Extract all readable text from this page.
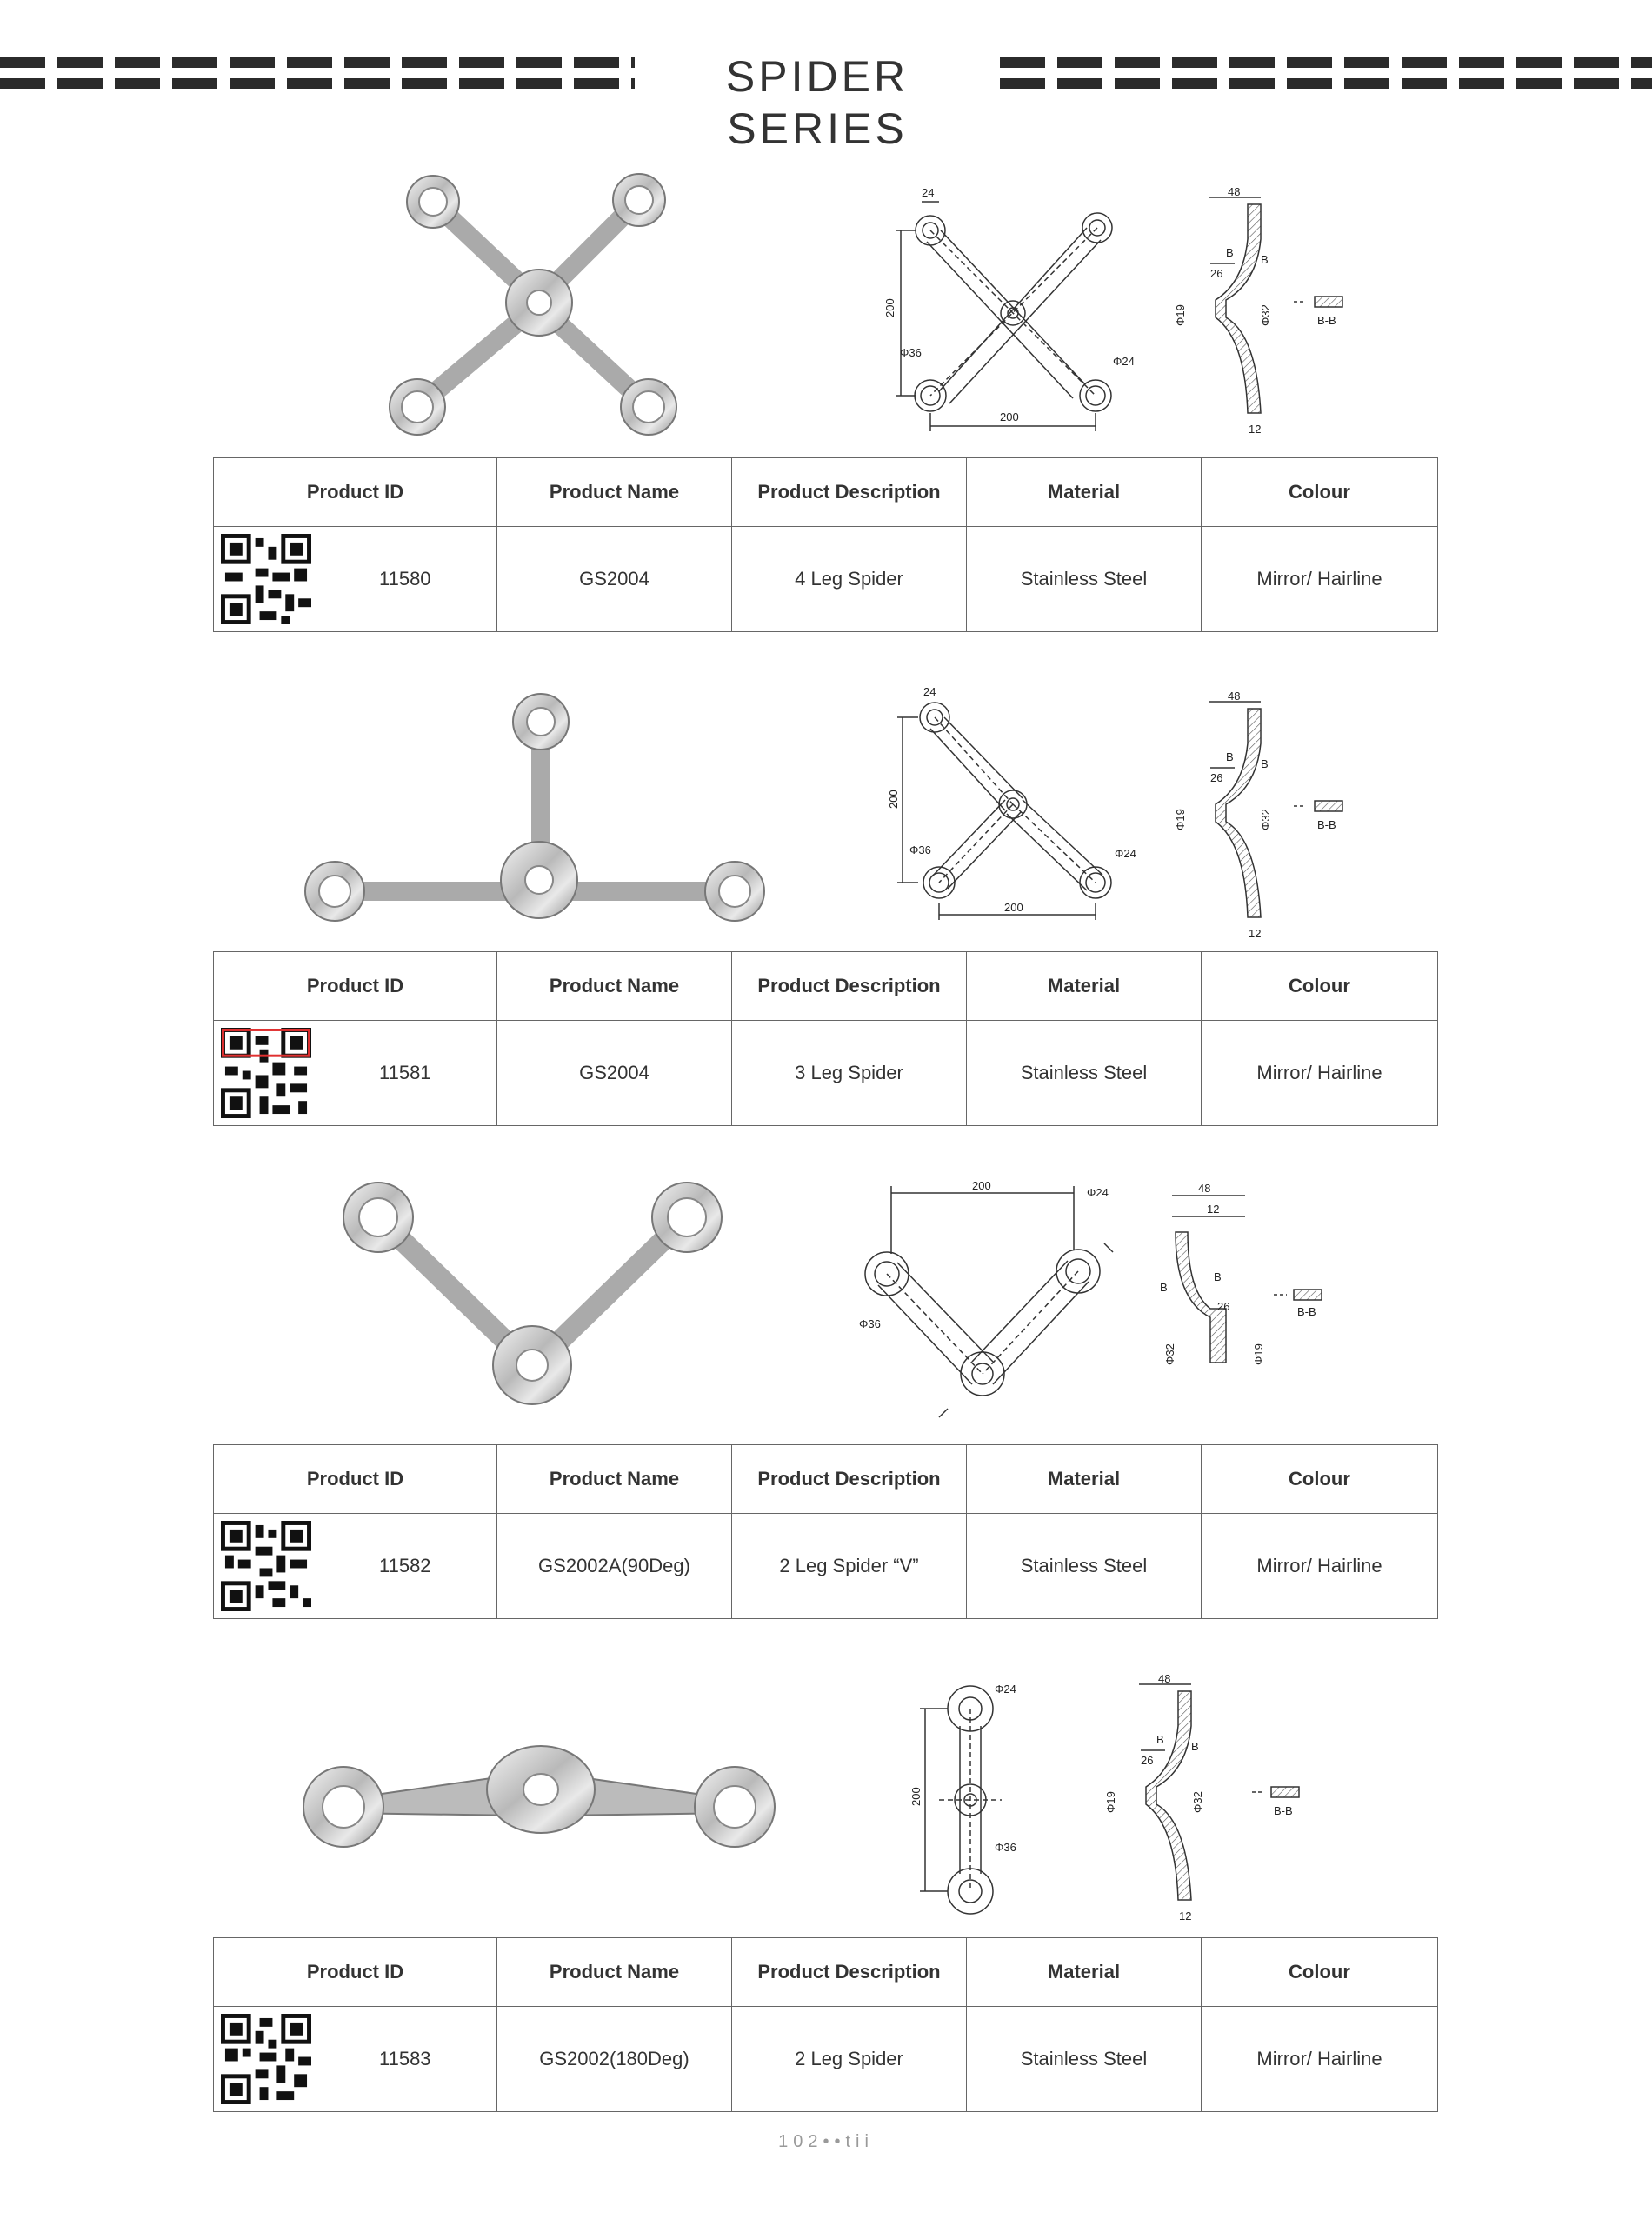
SPIDER SERIES
200
200
Φ36
Φ24
24	48
26
B
B
Φ19	Φ32
12
B-B
Product ID	Product Name	Product Description	Material	Colour

11580	GS2004	4 Leg Spider	Stainless Steel	Mirror/ Hairline
200
200
Φ36	Φ24
24	48
26
B
B
Φ19	Φ32
12
B-B
Product ID	Product Name	Product Description	Material	Colour

11581	GS2004	3 Leg Spider	Stainless Steel	Mirror/ Hairline
200
Φ24
Φ36
48
12
26
B
B
Φ32	Φ19
B-B
Product ID	Product Name	Product Description	Material	Colour

11582	GS2002A(90Deg)	2 Leg Spider “V”	Stainless Steel	Mirror/ Hairline
200
Φ24
Φ36
48
26
B
B
Φ19	Φ32
12
B-B
Product ID	Product Name	Product Description	Material	Colour

11583	GS2002(180Deg)	2 Leg Spider	Stainless Steel	Mirror/ Hairline
102••tii
